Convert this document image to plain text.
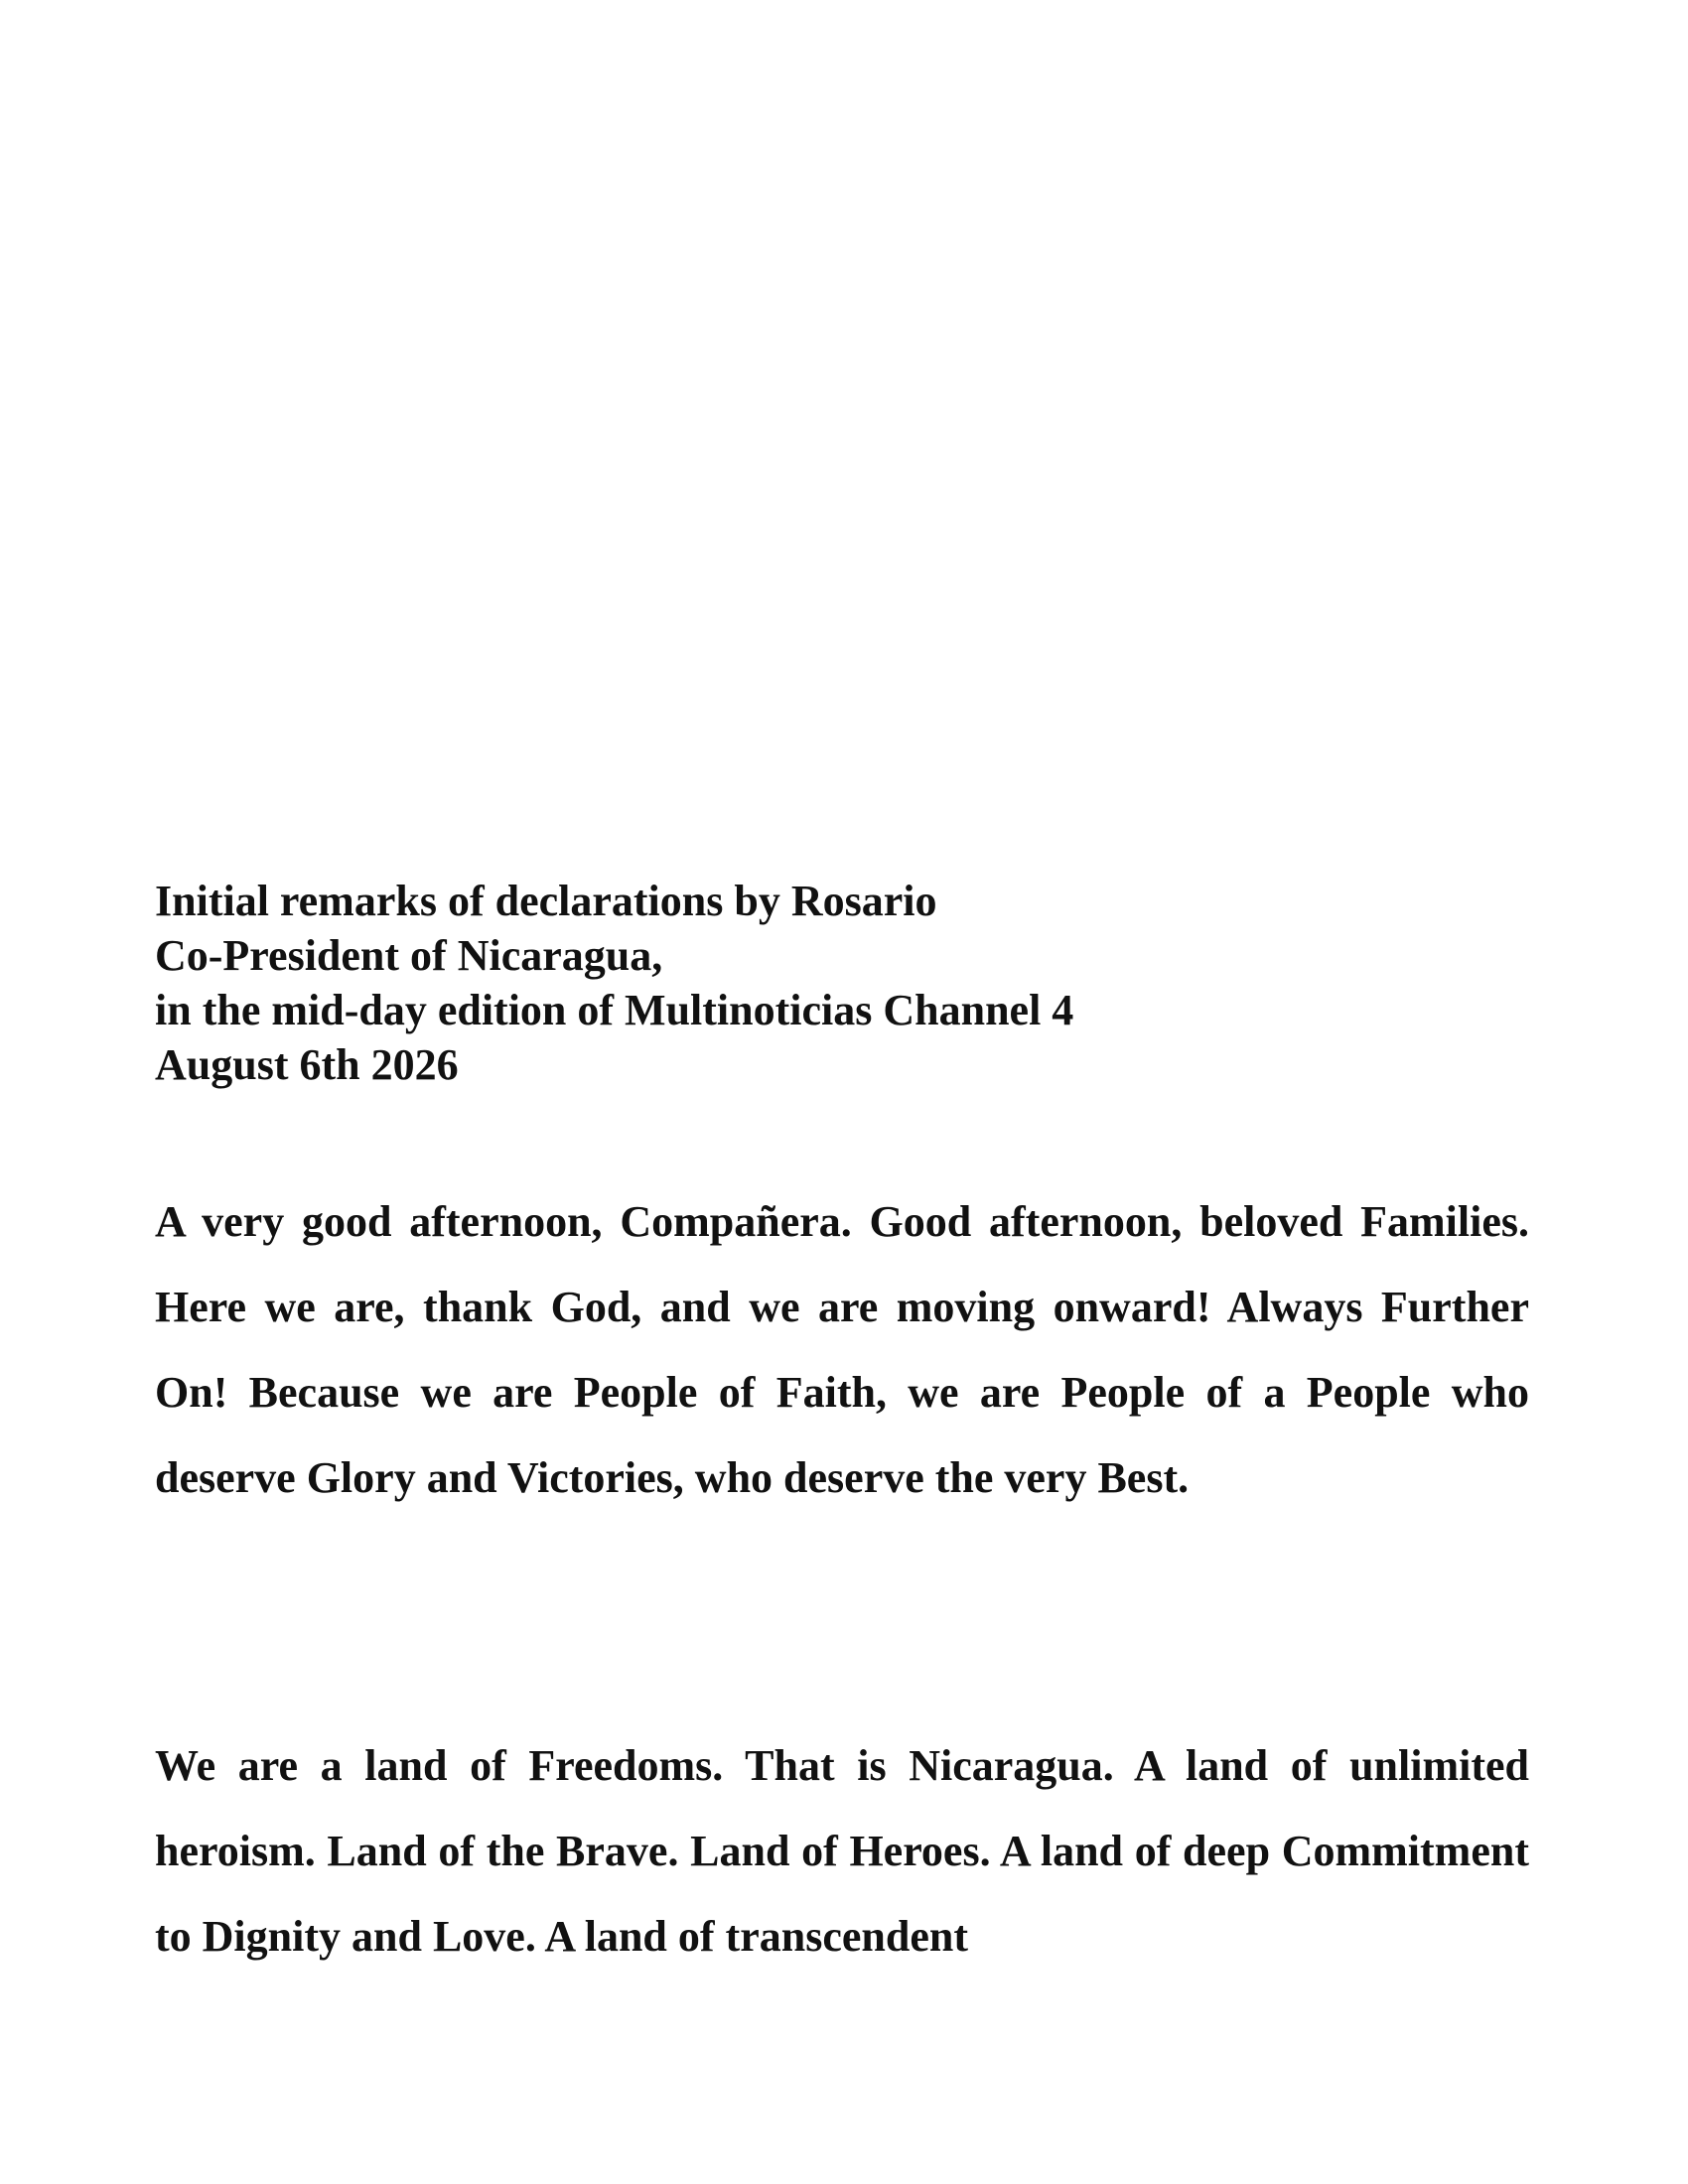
Initial remarks of declarations by Rosario
Co-President of Nicaragua,
in the mid-day edition of Multinoticias Channel 4
August 6th 2026

A very good afternoon, Compañera. Good afternoon, beloved Families. Here we are, thank God, and we are moving onward! Always Further On! Because we are People of Faith, we are People of a People who deserve Glory and Victories, who deserve the very Best.

We are a land of Freedoms. That is Nicaragua. A land of unlimited heroism. Land of the Brave. Land of Heroes. A land of deep Commitment to Dignity and Love. A land of transcendent
